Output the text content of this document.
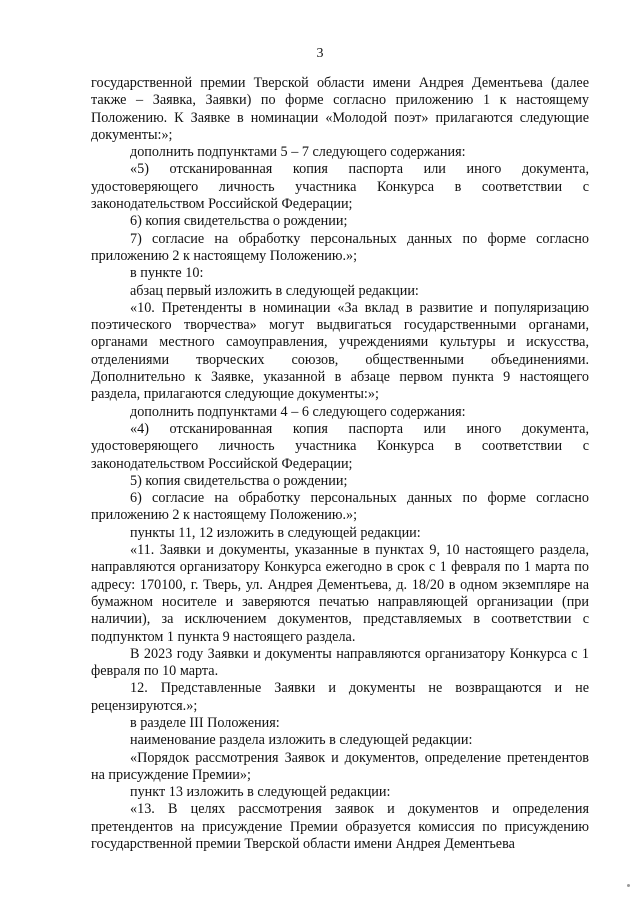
3

государственной премии Тверской области имени Андрея Дементьева (далее также – Заявка, Заявки) по форме согласно приложению 1 к настоящему Положению. К Заявке в номинации «Молодой поэт» прилагаются следующие документы:»;

дополнить подпунктами 5 – 7 следующего содержания:

«5) отсканированная копия паспорта или иного документа, удостоверяющего личность участника Конкурса в соответствии с законодательством Российской Федерации;

6) копия свидетельства о рождении;

7) согласие на обработку персональных данных по форме согласно приложению 2 к настоящему Положению.»;

в пункте 10:

абзац первый изложить в следующей редакции:

«10. Претенденты в номинации «За вклад в развитие и популяризацию поэтического творчества» могут выдвигаться государственными органами, органами местного самоуправления, учреждениями культуры и искусства, отделениями творческих союзов, общественными объединениями. Дополнительно к Заявке, указанной в абзаце первом пункта 9 настоящего раздела, прилагаются следующие документы:»;

дополнить подпунктами 4 – 6 следующего содержания:

«4) отсканированная копия паспорта или иного документа, удостоверяющего личность участника Конкурса в соответствии с законодательством Российской Федерации;

5) копия свидетельства о рождении;

6) согласие на обработку персональных данных по форме согласно приложению 2 к настоящему Положению.»;

пункты 11, 12 изложить в следующей редакции:

«11. Заявки и документы, указанные в пунктах 9, 10 настоящего раздела, направляются организатору Конкурса ежегодно в срок с 1 февраля по 1 марта по адресу: 170100, г. Тверь, ул. Андрея Дементьева, д. 18/20 в одном экземпляре на бумажном носителе и заверяются печатью направляющей организации (при наличии), за исключением документов, представляемых в соответствии с подпунктом 1 пункта 9 настоящего раздела.

В 2023 году Заявки и документы направляются организатору Конкурса с 1 февраля по 10 марта.

12. Представленные Заявки и документы не возвращаются и не рецензируются.»;

в разделе III Положения:

наименование раздела изложить в следующей редакции:

«Порядок рассмотрения Заявок и документов, определение претендентов на присуждение Премии»;

пункт 13 изложить в следующей редакции:

«13. В целях рассмотрения заявок и документов и определения претендентов на присуждение Премии образуется комиссия по присуждению государственной премии Тверской области имени Андрея Дементьева
